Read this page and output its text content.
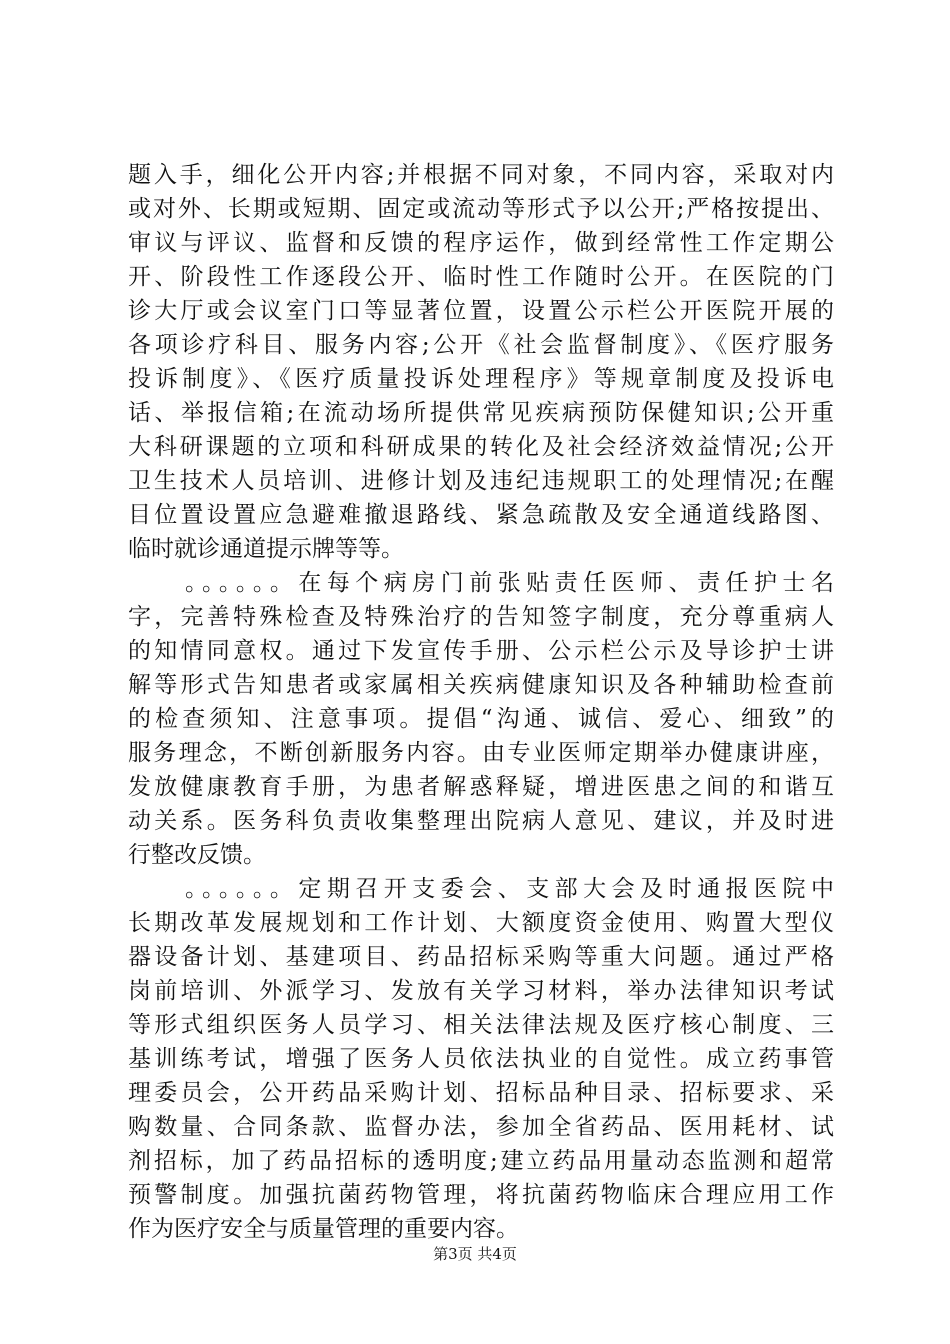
题入手，细化公开内容;并根据不同对象，不同内容，采取对内
或对外、长期或短期、固定或流动等形式予以公开;严格按提出、
审议与评议、监督和反馈的程序运作，做到经常性工作定期公
开、阶段性工作逐段公开、临时性工作随时公开。在医院的门
诊大厅或会议室门口等显著位置，设置公示栏公开医院开展的
各项诊疗科目、服务内容;公开《社会监督制度》、《医疗服务
投诉制度》、《医疗质量投诉处理程序》等规章制度及投诉电
话、举报信箱;在流动场所提供常见疾病预防保健知识;公开重
大科研课题的立项和科研成果的转化及社会经济效益情况;公开
卫生技术人员培训、进修计划及违纪违规职工的处理情况;在醒
目位置设置应急避难撤退路线、紧急疏散及安全通道线路图、
临时就诊通道提示牌等等。
　　。。。。。。在每个病房门前张贴责任医师、责任护士名
字，完善特殊检查及特殊治疗的告知签字制度，充分尊重病人
的知情同意权。通过下发宣传手册、公示栏公示及导诊护士讲
解等形式告知患者或家属相关疾病健康知识及各种辅助检查前
的检查须知、注意事项。提倡“沟通、诚信、爱心、细致”的
服务理念，不断创新服务内容。由专业医师定期举办健康讲座，
发放健康教育手册，为患者解惑释疑，增进医患之间的和谐互
动关系。医务科负责收集整理出院病人意见、建议，并及时进
行整改反馈。
　　。。。。。。定期召开支委会、支部大会及时通报医院中
长期改革发展规划和工作计划、大额度资金使用、购置大型仪
器设备计划、基建项目、药品招标采购等重大问题。通过严格
岗前培训、外派学习、发放有关学习材料，举办法律知识考试
等形式组织医务人员学习、相关法律法规及医疗核心制度、三
基训练考试，增强了医务人员依法执业的自觉性。成立药事管
理委员会，公开药品采购计划、招标品种目录、招标要求、采
购数量、合同条款、监督办法，参加全省药品、医用耗材、试
剂招标，加了药品招标的透明度;建立药品用量动态监测和超常
预警制度。加强抗菌药物管理，将抗菌药物临床合理应用工作
作为医疗安全与质量管理的重要内容。
第3页 共4页
